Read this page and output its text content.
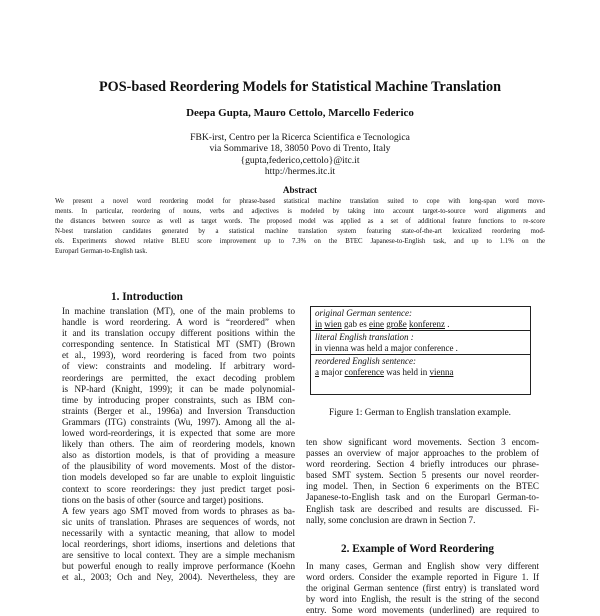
POS-based Reordering Models for Statistical Machine Translation
Deepa Gupta, Mauro Cettolo, Marcello Federico
FBK-irst, Centro per la Ricerca Scientifica e Tecnologica
via Sommarive 18, 38050 Povo di Trento, Italy
{gupta,federico,cettolo}@itc.it
http://hermes.itc.it
Abstract
We present a novel word reordering model for phrase-based statistical machine translation suited to cope with long-span word move-
ments. In particular, reordering of nouns, verbs and adjectives is modeled by taking into account target-to-source word alignments and
the distances between source as well as target words. The proposed model was applied as a set of additional feature functions to re-score
N-best translation candidates generated by a statistical machine translation system featuring state-of-the-art lexicalized reordering mod-
els. Experiments showed relative BLEU score improvement up to 7.3% on the BTEC Japanese-to-English task, and up to 1.1% on the
Europarl German-to-English task.
1. Introduction
In machine translation (MT), one of the main problems to
handle is word reordering. A word is “reordered” when
it and its translation occupy different positions within the
corresponding sentence. In Statistical MT (SMT) (Brown
et al., 1993), word reordering is faced from two points
of view: constraints and modeling. If arbitrary word-
reorderings are permitted, the exact decoding problem
is NP-hard (Knight, 1999); it can be made polynomial-
time by introducing proper constraints, such as IBM con-
straints (Berger et al., 1996a) and Inversion Transduction
Grammars (ITG) constraints (Wu, 1997). Among all the al-
lowed word-reorderings, it is expected that some are more
likely than others. The aim of reordering models, known
also as distortion models, is that of providing a measure
of the plausibility of word movements. Most of the distor-
tion models developed so far are unable to exploit linguistic
context to score reorderings: they just predict target posi-
tions on the basis of other (source and target) positions.
A few years ago SMT moved from words to phrases as ba-
sic units of translation. Phrases are sequences of words, not
necessarily with a syntactic meaning, that allow to model
local reorderings, short idioms, insertions and deletions that
are sensitive to local context. They are a simple mechanism
but powerful enough to really improve performance (Koehn
et al., 2003; Och and Ney, 2004). Nevertheless, they are
original German sentence:
in wien gab es eine große konferenz .
literal English translation :
in vienna was held a major conference .
reordered English sentence:
a major conference was held in vienna
Figure 1: German to English translation example.
ten show significant word movements. Section 3 encom-
passes an overview of major approaches to the problem of
word reordering. Section 4 briefly introduces our phrase-
based SMT system. Section 5 presents our novel reorder-
ing model. Then, in Section 6 experiments on the BTEC
Japanese-to-English task and on the Europarl German-to-
English task are described and results are discussed. Fi-
nally, some conclusion are drawn in Section 7.
2. Example of Word Reordering
In many cases, German and English show very different
word orders. Consider the example reported in Figure 1. If
the original German sentence (first entry) is translated word
by word into English, the result is the string of the second
entry. Some word movements (underlined) are required to
